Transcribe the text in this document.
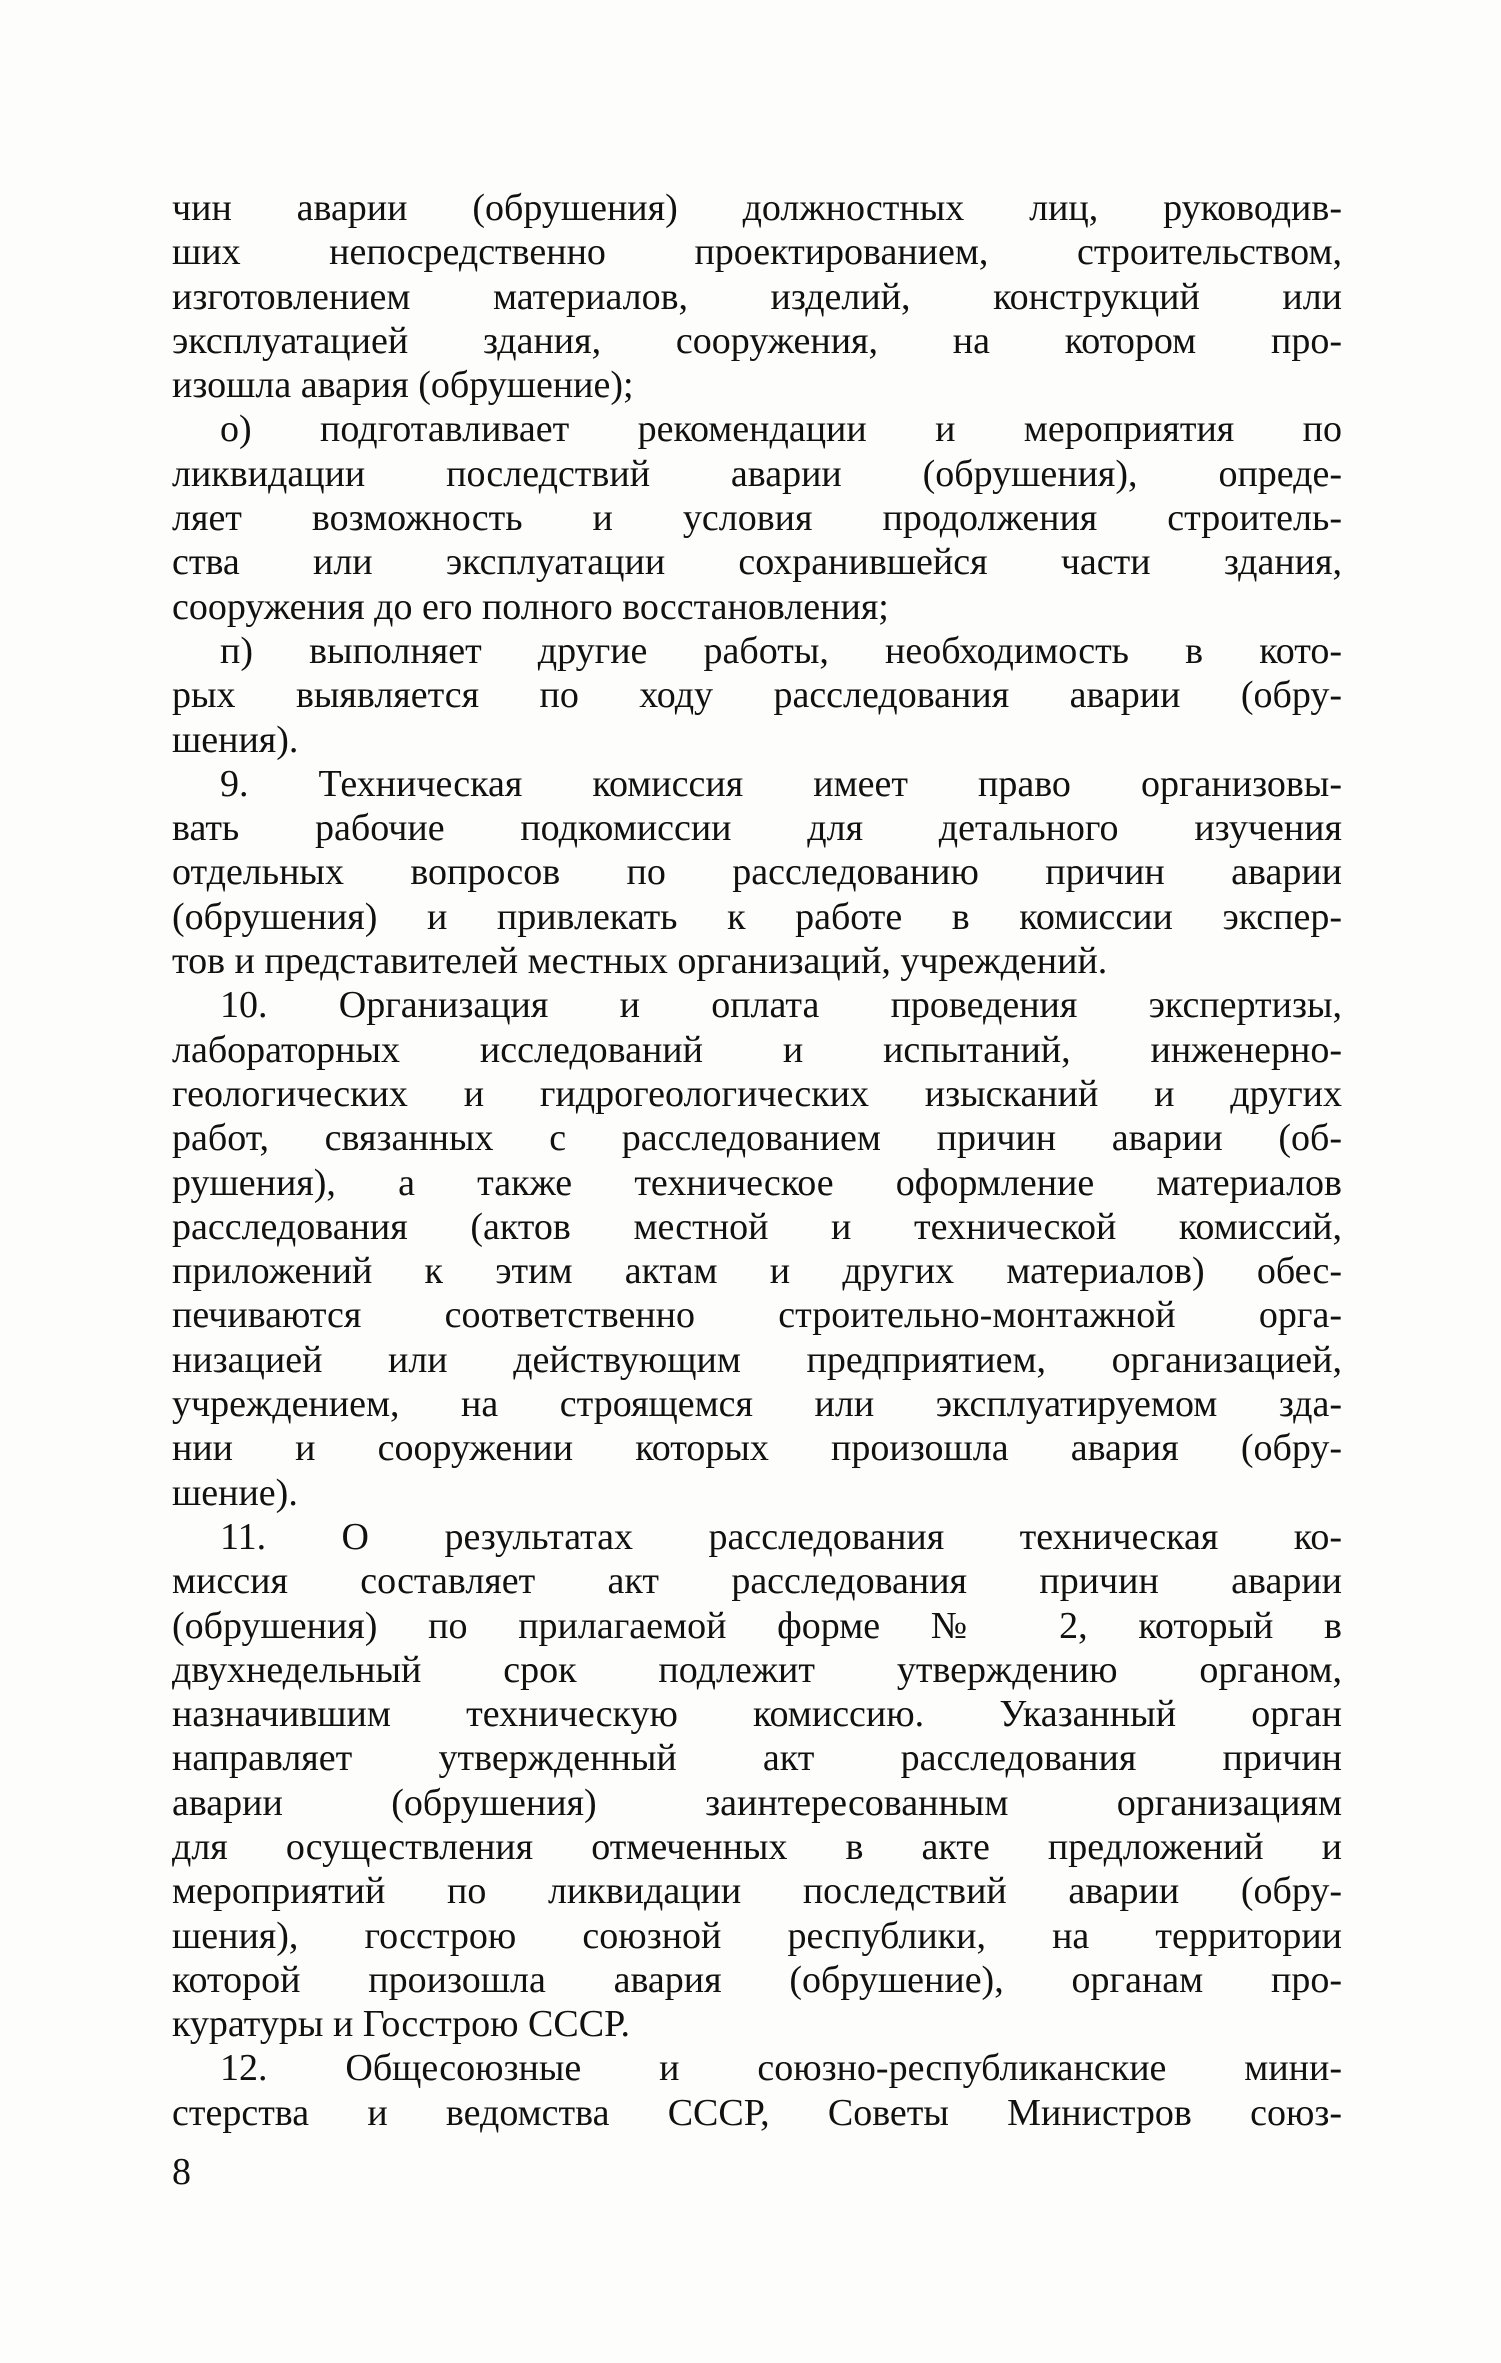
чин аварии (обрушения) должностных лиц, руководив-
ших непосредственно проектированием, строительством,
изготовлением материалов, изделий, конструкций или
эксплуатацией здания, сооружения, на котором про-
изошла авария (обрушение);
о) подготавливает рекомендации и мероприятия по
ликвидации последствий аварии (обрушения), опреде-
ляет возможность и условия продолжения строитель-
ства или эксплуатации сохранившейся части здания,
сооружения до его полного восстановления;
п) выполняет другие работы, необходимость в кото-
рых выявляется по ходу расследования аварии (обру-
шения).
9. Техническая комиссия имеет право организовы-
вать рабочие подкомиссии для детального изучения
отдельных вопросов по расследованию причин аварии
(обрушения) и привлекать к работе в комиссии экспер-
тов и представителей местных организаций, учреждений.
10. Организация и оплата проведения экспертизы,
лабораторных исследований и испытаний, инженерно-
геологических и гидрогеологических изысканий и других
работ, связанных с расследованием причин аварии (об-
рушения), а также техническое оформление материалов
расследования (актов местной и технической комиссий,
приложений к этим актам и других материалов) обес-
печиваются соответственно строительно-монтажной орга-
низацией или действующим предприятием, организацией,
учреждением, на строящемся или эксплуатируемом зда-
нии и сооружении которых произошла авария (обру-
шение).
11. О результатах расследования техническая ко-
миссия составляет акт расследования причин аварии
(обрушения) по прилагаемой форме № 2, который в
двухнедельный срок подлежит утверждению органом,
назначившим техническую комиссию. Указанный орган
направляет утвержденный акт расследования причин
аварии (обрушения) заинтересованным организациям
для осуществления отмеченных в акте предложений и
мероприятий по ликвидации последствий аварии (обру-
шения), госстрою союзной республики, на территории
которой произошла авария (обрушение), органам про-
куратуры и Госстрою СССР.
12. Общесоюзные и союзно-республиканские мини-
стерства и ведомства СССР, Советы Министров союз-
8
